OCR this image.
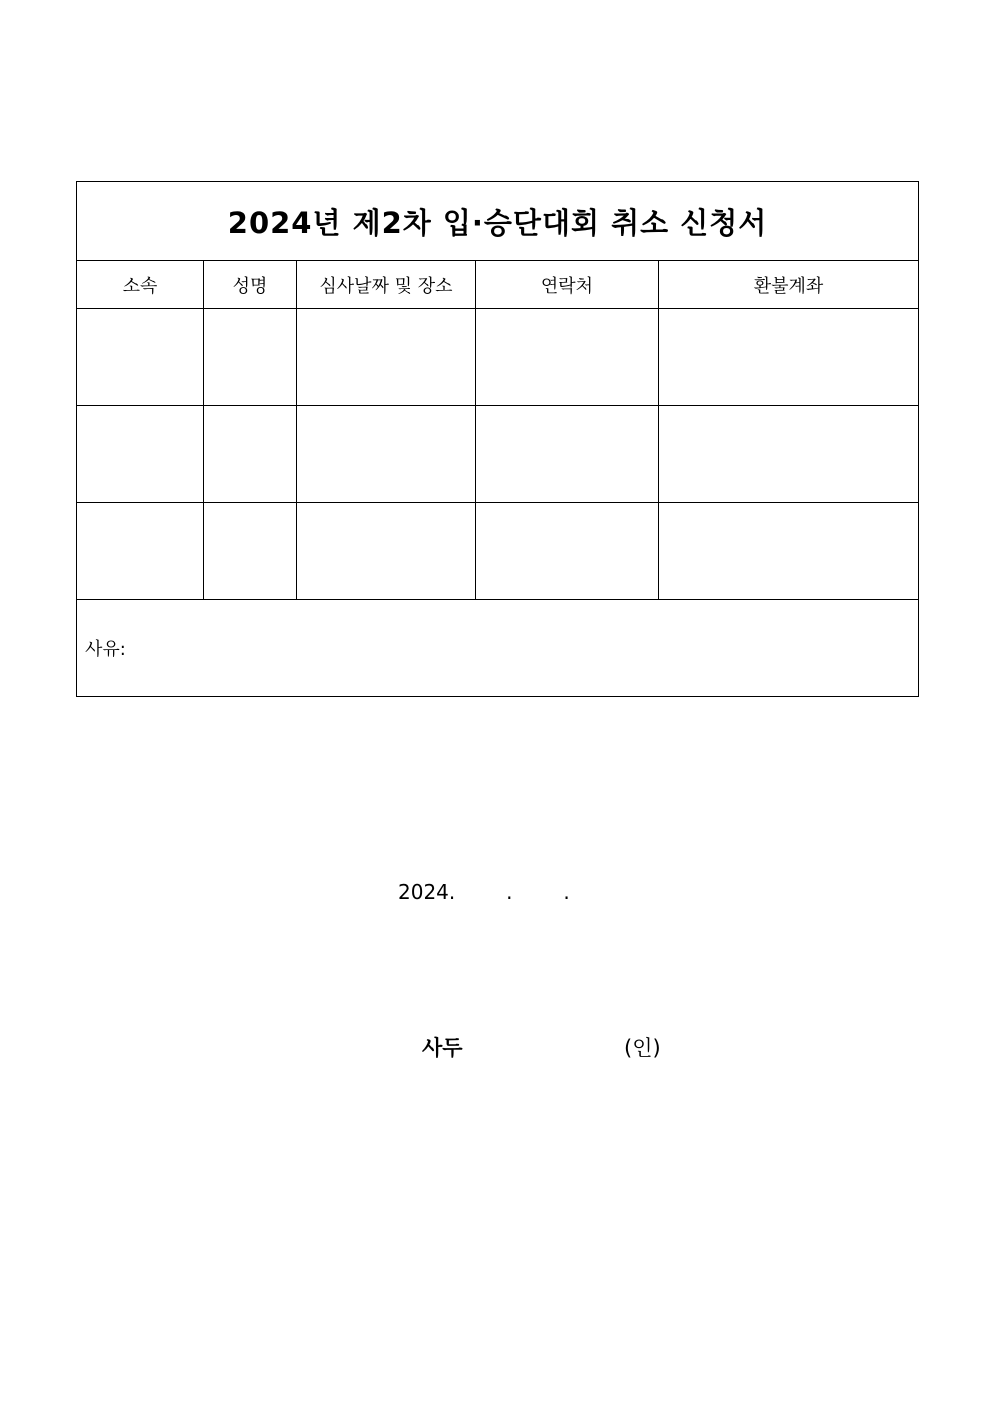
2024년 제2차 입·승단대회 취소 신청서				
소속	성명	심사날짜 및 장소	연락처	환불계좌

사유:				
2024.        .        .
사두	(인)
